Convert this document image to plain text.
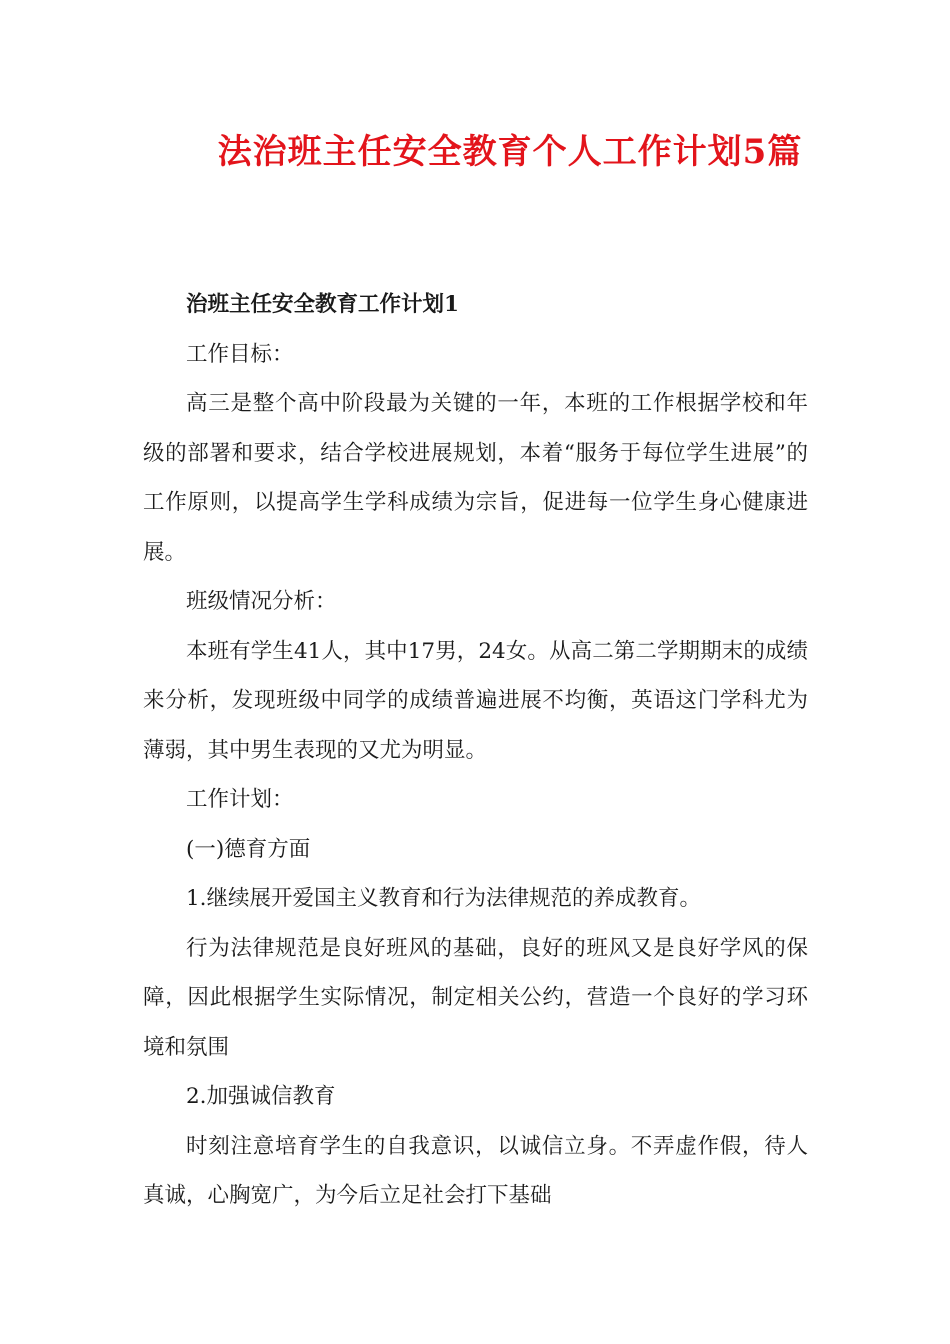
法治班主任安全教育个人工作计划5篇

治班主任安全教育工作计划1

工作目标：

高三是整个高中阶段最为关键的一年，本班的工作根据学校和年级的部署和要求，结合学校进展规划，本着“服务于每位学生进展”的工作原则，以提高学生学科成绩为宗旨，促进每一位学生身心健康进展。

班级情况分析：

本班有学生41人，其中17男，24女。从高二第二学期期末的成绩来分析，发现班级中同学的成绩普遍进展不均衡，英语这门学科尤为薄弱，其中男生表现的又尤为明显。

工作计划：

(一)德育方面

1.继续展开爱国主义教育和行为法律规范的养成教育。

行为法律规范是良好班风的基础，良好的班风又是良好学风的保障，因此根据学生实际情况，制定相关公约，营造一个良好的学习环境和氛围

2.加强诚信教育

时刻注意培育学生的自我意识，以诚信立身。不弄虚作假，待人真诚，心胸宽广，为今后立足社会打下基础
